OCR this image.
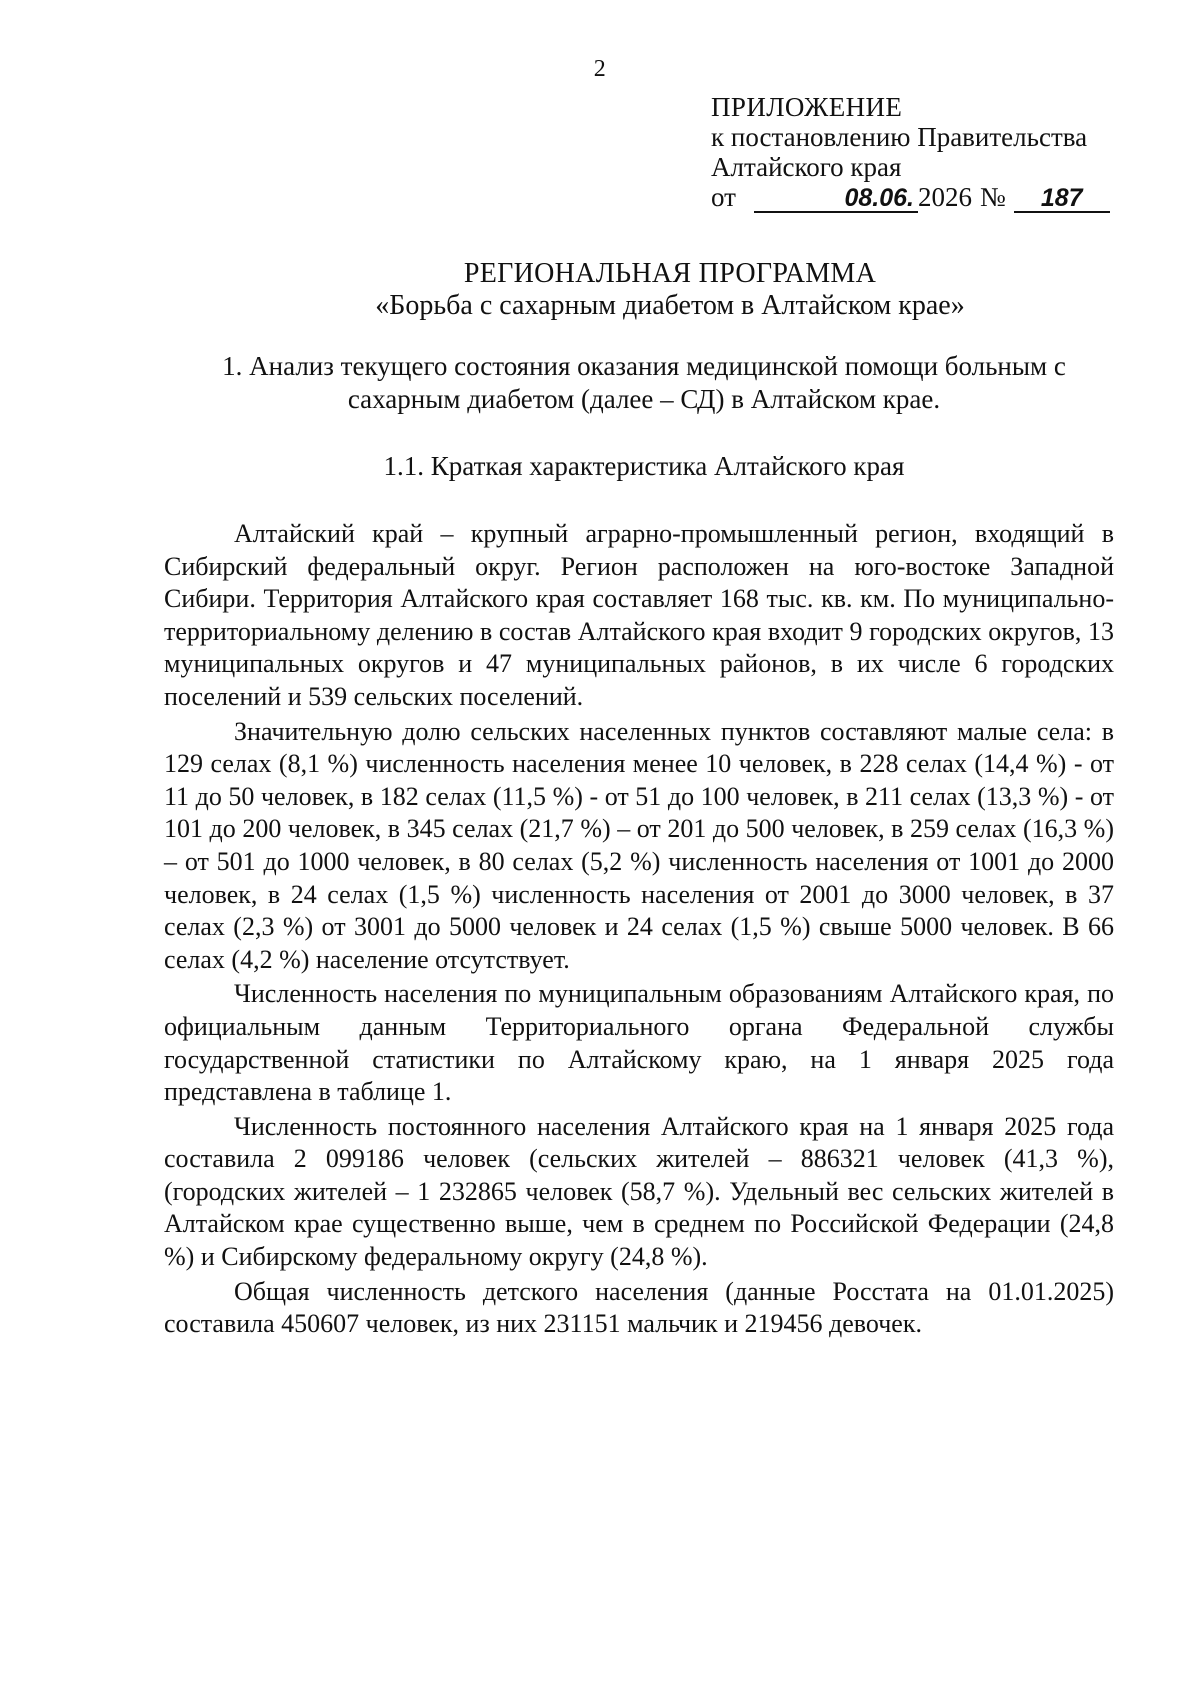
2
ПРИЛОЖЕНИЕ
к постановлению Правительства
Алтайского края
от	08.06. 2026 №	187
РЕГИОНАЛЬНАЯ ПРОГРАММА
«Борьба с сахарным диабетом в Алтайском крае»
1. Анализ текущего состояния оказания медицинской помощи больным с сахарным диабетом (далее – СД) в Алтайском крае.
1.1. Краткая характеристика Алтайского края

Алтайский край – крупный аграрно-промышленный регион, входящий в Сибирский федеральный округ. Регион расположен на юго-востоке Западной Сибири. Территория Алтайского края составляет 168 тыс. кв. км. По муниципально-территориальному делению в состав Алтайского края входит 9 городских округов, 13 муниципальных округов и 47 муниципальных районов, в их числе 6 городских поселений и 539 сельских поселений.

Значительную долю сельских населенных пунктов составляют малые села: в 129 селах (8,1 %) численность населения менее 10 человек, в 228 селах (14,4 %) - от 11 до 50 человек, в 182 селах (11,5 %) - от 51 до 100 человек, в 211 селах (13,3 %) - от 101 до 200 человек, в 345 селах (21,7 %) – от 201 до 500 человек, в 259 селах (16,3 %) – от 501 до 1000 человек, в 80 селах (5,2 %) численность населения от 1001 до 2000 человек, в 24 селах (1,5 %) численность населения от 2001 до 3000 человек, в 37 селах (2,3 %) от 3001 до 5000 человек и 24 селах (1,5 %) свыше 5000 человек. В 66 селах (4,2 %) население отсутствует.

Численность населения по муниципальным образованиям Алтайского края, по официальным данным Территориального органа Федеральной службы государственной статистики по Алтайскому краю, на 1 января 2025 года представлена в таблице 1.

Численность постоянного населения Алтайского края на 1 января 2025 года составила 2 099186 человек (сельских жителей – 886321 человек (41,3 %), (городских жителей – 1 232865 человек (58,7 %). Удельный вес сельских жителей в Алтайском крае существенно выше, чем в среднем по Российской Федерации (24,8 %) и Сибирскому федеральному округу (24,8 %).

Общая численность детского населения (данные Росстата на 01.01.2025) составила 450607 человек, из них 231151 мальчик и 219456 девочек.
